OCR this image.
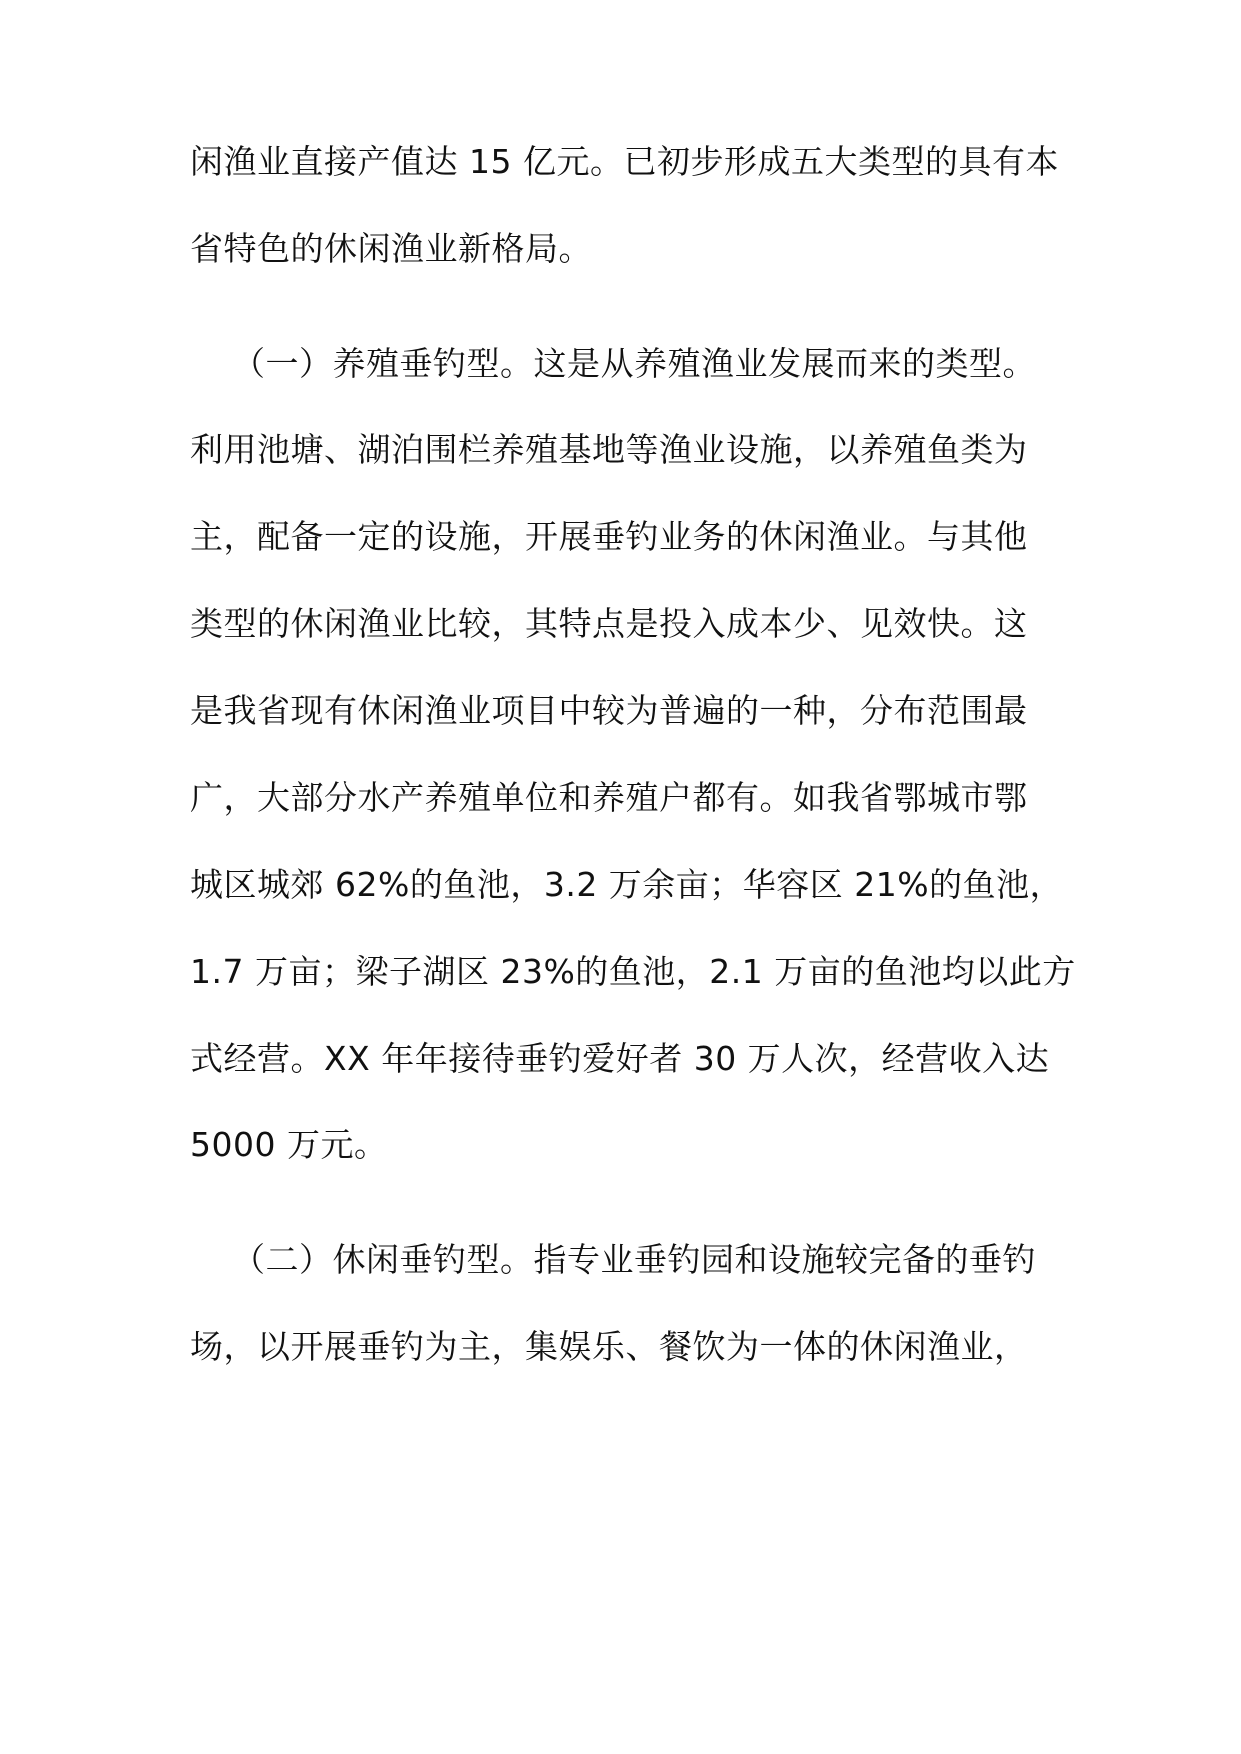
闲渔业直接产值达 15 亿元。已初步形成五大类型的具有本
省特色的休闲渔业新格局。
（一）养殖垂钓型。这是从养殖渔业发展而来的类型。
利用池塘、湖泊围栏养殖基地等渔业设施，以养殖鱼类为
主，配备一定的设施，开展垂钓业务的休闲渔业。与其他
类型的休闲渔业比较，其特点是投入成本少、见效快。这
是我省现有休闲渔业项目中较为普遍的一种，分布范围最
广，大部分水产养殖单位和养殖户都有。如我省鄂城市鄂
城区城郊 62%的鱼池，3.2 万余亩；华容区 21%的鱼池，
1.7 万亩；梁子湖区 23%的鱼池，2.1 万亩的鱼池均以此方
式经营。XX 年年接待垂钓爱好者 30 万人次，经营收入达
5000 万元。
（二）休闲垂钓型。指专业垂钓园和设施较完备的垂钓
场，以开展垂钓为主，集娱乐、餐饮为一体的休闲渔业，
